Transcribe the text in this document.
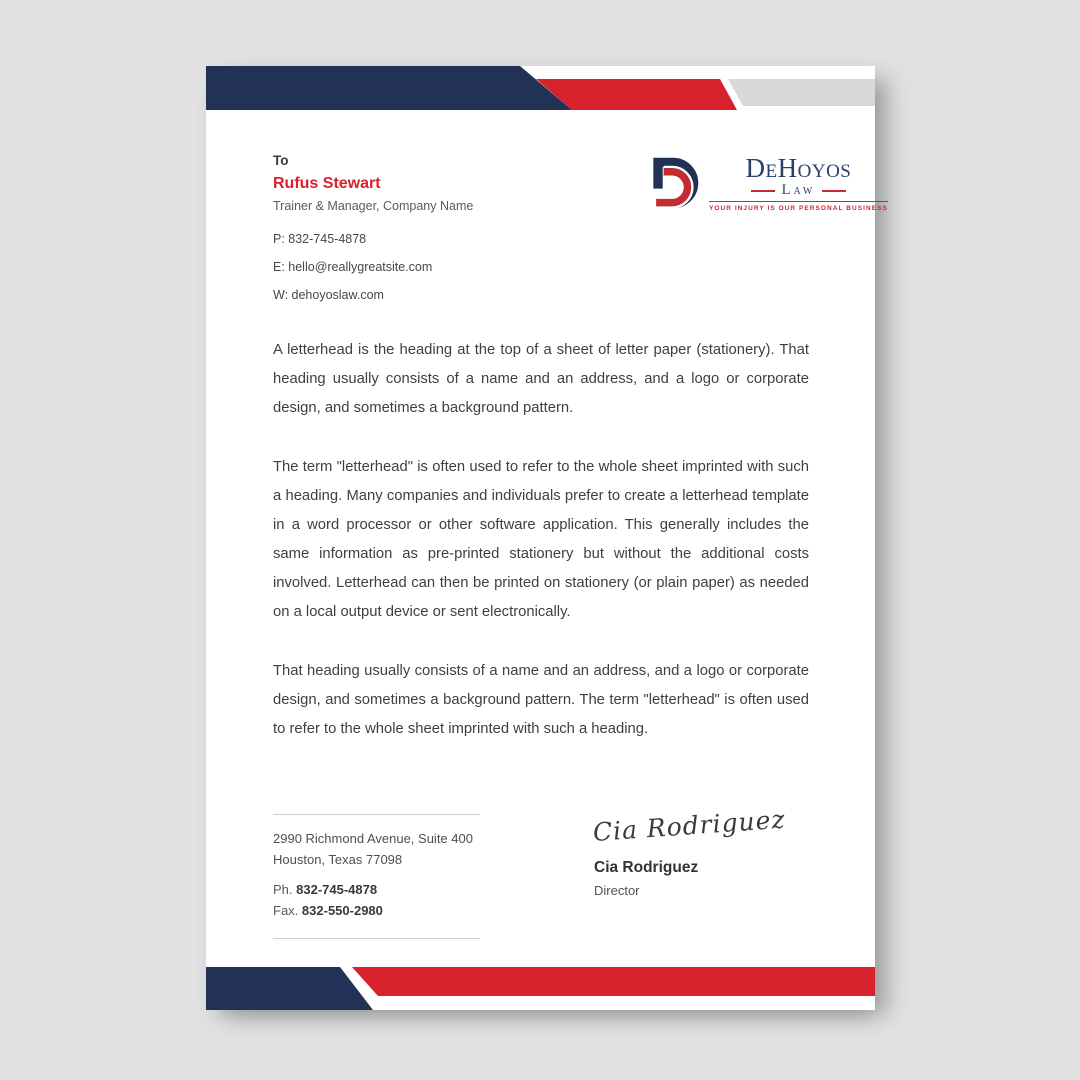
To
Rufus Stewart
Trainer & Manager, Company Name
P: 832-745-4878
E: hello@reallygreatsite.com
W: dehoyoslaw.com
DeHoyos
Law
YOUR INJURY IS OUR PERSONAL BUSINESS

A letterhead is the heading at the top of a sheet of letter paper (stationery). That heading usually consists of a name and an address, and a logo or corporate design, and sometimes a background pattern.

The term "letterhead" is often used to refer to the whole sheet imprinted with such a heading. Many companies and individuals prefer to create a letterhead template in a word processor or other software application. This generally includes the same information as pre-printed stationery but without the additional costs involved. Letterhead can then be printed on stationery (or plain paper) as needed on a local output device or sent electronically.

That heading usually consists of a name and an address, and a logo or corporate design, and sometimes a background pattern. The term "letterhead" is often used to refer to the whole sheet imprinted with such a heading.

2990 Richmond Avenue, Suite 400
Houston, Texas 77098
Ph. 832-745-4878
Fax. 832-550-2980
Cia Rodriguez
Cia Rodriguez
Director
